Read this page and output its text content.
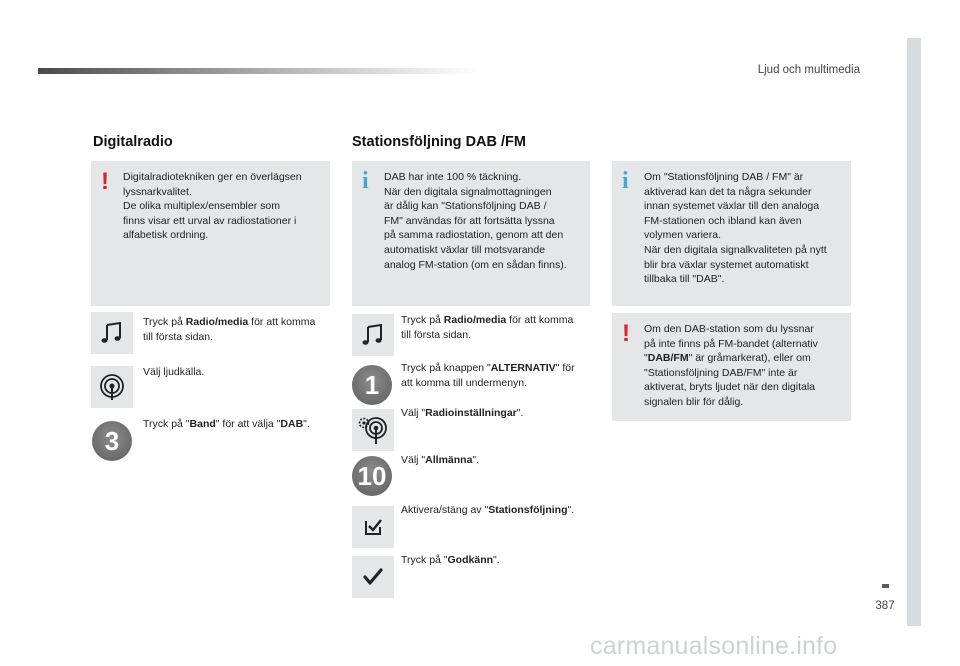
Ljud och multimedia
387
carmanualsonline.info
Digitalradio	Stationsföljning DAB /FM
! Digitalradiotekniken ger en överlägsen
lyssnarkvalitet.
De olika multiplex/ensembler som
finns visar ett urval av radiostationer i
alfabetisk ordning.
i DAB har inte 100 % täckning.
När den digitala signalmottagningen
är dålig kan "Stationsföljning DAB /
FM" användas för att fortsätta lyssna
på samma radiostation, genom att den
automatiskt växlar till motsvarande
analog FM-station (om en sådan finns).
i Om "Stationsföljning DAB / FM" är
aktiverad kan det ta några sekunder
innan systemet växlar till den analoga
FM-stationen och ibland kan även
volymen variera.
När den digitala signalkvaliteten på nytt
blir bra växlar systemet automatiskt
tillbaka till "DAB".
! Om den DAB-station som du lyssnar
på inte finns på FM-bandet (alternativ
"DAB/FM" är gråmarkerat), eller om
"Stationsföljning DAB/FM" inte är
aktiverat, bryts ljudet när den digitala
signalen blir för dålig.
Tryck på Radio/media för att komma
till första sidan.
Välj ljudkälla.
3
Tryck på "Band" för att välja "DAB".
Tryck på Radio/media för att komma
till första sidan.
1
Tryck på knappen "ALTERNATIV" för
att komma till undermenyn.
Välj "Radioinställningar".
10
Välj "Allmänna".
Aktivera/stäng av "Stationsföljning".
Tryck på "Godkänn".
